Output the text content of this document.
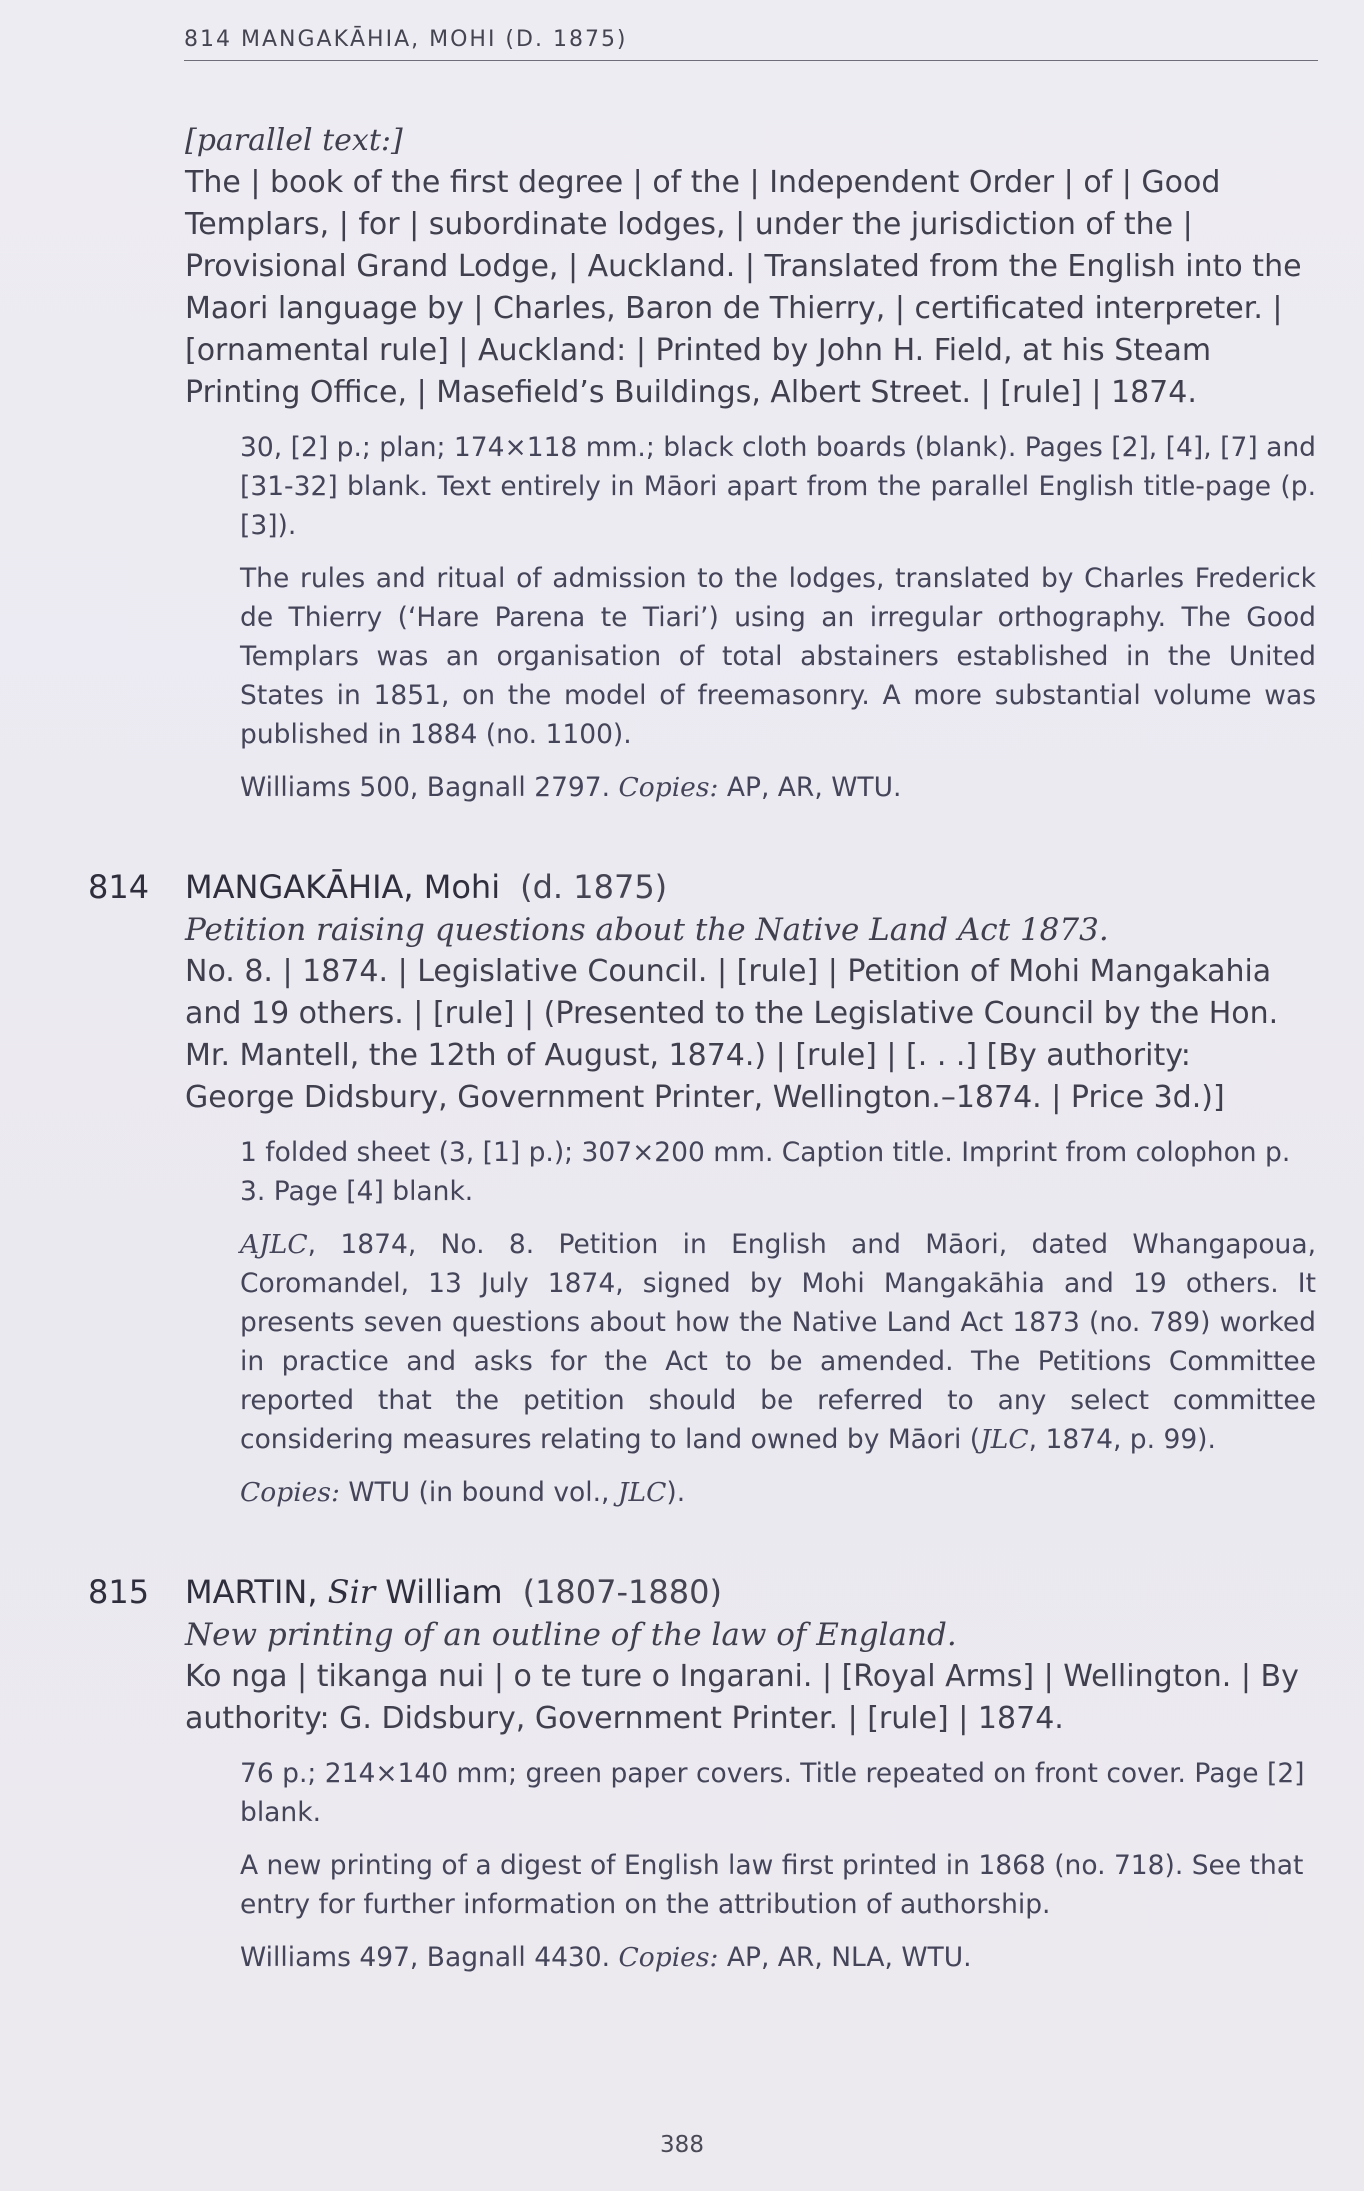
814 MANGAKĀHIA, MOHI (D. 1875)
[parallel text:]
The | book of the first degree | of the | Independent Order | of | Good
Templars, | for | subordinate lodges, | under the jurisdiction of the |
Provisional Grand Lodge, | Auckland. | Translated from the English into the
Maori language by | Charles, Baron de Thierry, | certificated interpreter. |
[ornamental rule] | Auckland: | Printed by John H. Field, at his Steam
Printing Office, | Masefield’s Buildings, Albert Street. | [rule] | 1874.
30, [2] p.; plan; 174×118 mm.; black cloth boards (blank). Pages [2], [4], [7] and [31-32] blank. Text entirely in Māori apart from the parallel English title-page (p. [3]).
The rules and ritual of admission to the lodges, translated by Charles Frederick de Thierry (‘Hare Parena te Tiari’) using an irregular orthography. The Good Templars was an organisation of total abstainers established in the United States in 1851, on the model of freemasonry. A more substantial volume was published in 1884 (no. 1100).
Williams 500, Bagnall 2797. Copies: AP, AR, WTU.
814 MANGAKĀHIA, Mohi (d. 1875)
Petition raising questions about the Native Land Act 1873.
No. 8. | 1874. | Legislative Council. | [rule] | Petition of Mohi Mangakahia
and 19 others. | [rule] | (Presented to the Legislative Council by the Hon.
Mr. Mantell, the 12th of August, 1874.) | [rule] | [. . .] [By authority:
George Didsbury, Government Printer, Wellington.–1874. | Price 3d.)]
1 folded sheet (3, [1] p.); 307×200 mm. Caption title. Imprint from colophon p. 3. Page [4] blank.
AJLC, 1874, No. 8. Petition in English and Māori, dated Whangapoua, Coromandel, 13 July 1874, signed by Mohi Mangakāhia and 19 others. It presents seven questions about how the Native Land Act 1873 (no. 789) worked in practice and asks for the Act to be amended. The Petitions Committee reported that the petition should be referred to any select committee considering measures relating to land owned by Māori (JLC, 1874, p. 99).
Copies: WTU (in bound vol., JLC).
815 MARTIN, Sir William (1807-1880)
New printing of an outline of the law of England.
Ko nga | tikanga nui | o te ture o Ingarani. | [Royal Arms] | Wellington. | By
authority: G. Didsbury, Government Printer. | [rule] | 1874.
76 p.; 214×140 mm; green paper covers. Title repeated on front cover. Page [2] blank.
A new printing of a digest of English law first printed in 1868 (no. 718). See that entry for further information on the attribution of authorship.
Williams 497, Bagnall 4430. Copies: AP, AR, NLA, WTU.
388
